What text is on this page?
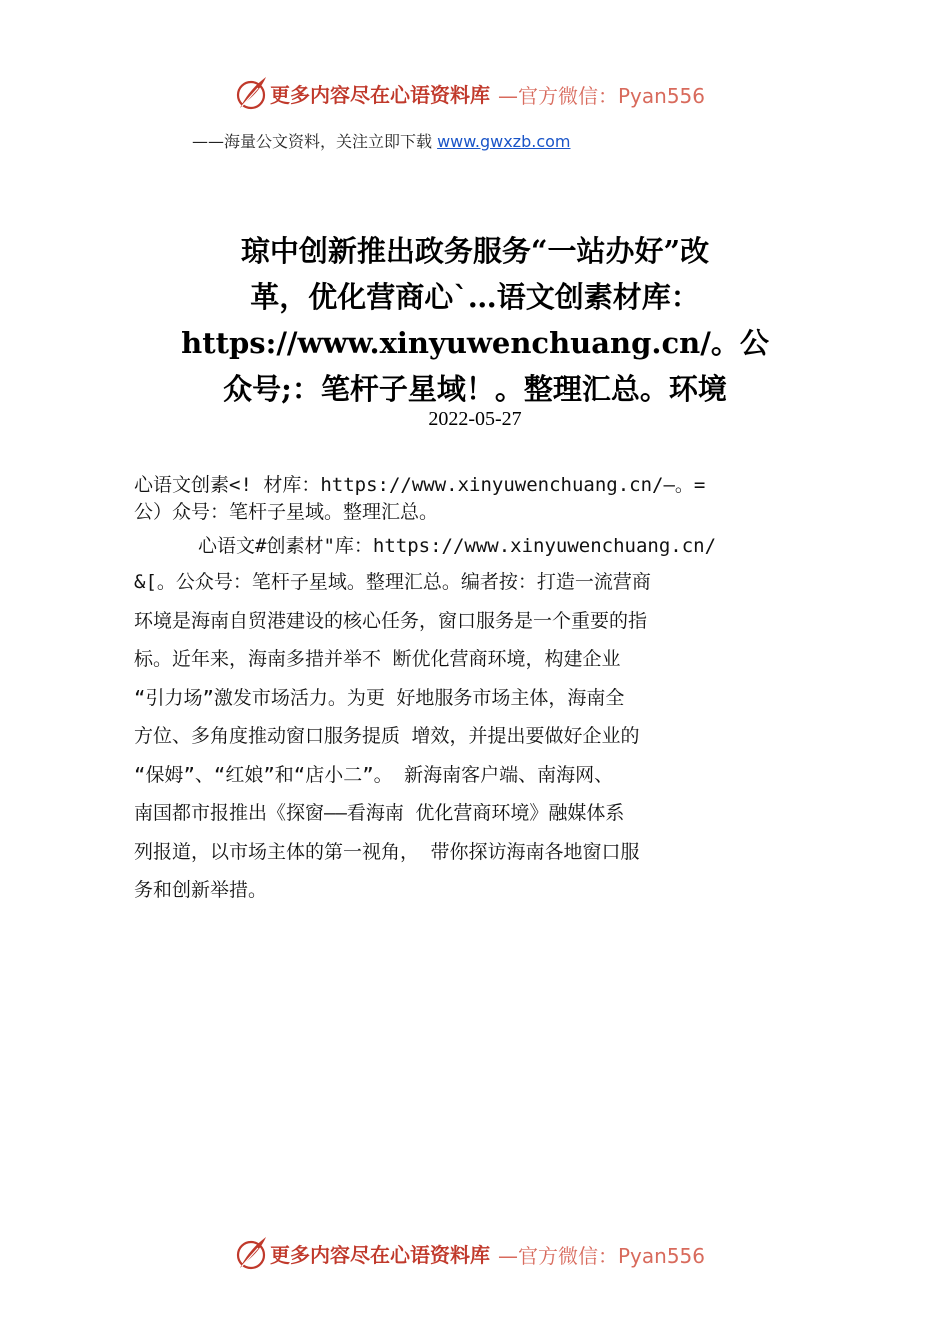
更多内容尽在心语资料库 —官方微信：Pyan556
——海量公文资料，关注立即下载 www.gwxzb.com
琼中创新推出政务服务“一站办好”改
革，优化营商心`…语文创素材库：
https://www.xinyuwenchuang.cn/。公
众号;：笔杆子星域！。整理汇总。环境
2022-05-27
心语文创素<! 材库：https://www.xinyuwenchuang.cn/—。=
公）众号：笔杆子星域。整理汇总。
心语文#创素材"库：https://www.xinyuwenchuang.cn/
&[。公众号：笔杆子星域。整理汇总。编者按：打造一流营商
环境是海南自贸港建设的核心任务，窗口服务是一个重要的指
标。近年来，海南多措并举不 断优化营商环境，构建企业
“引力场”激发市场活力。为更 好地服务市场主体，海南全
方位、多角度推动窗口服务提质 增效，并提出要做好企业的
“保姆”、“红娘”和“店小二”。 新海南客户端、南海网、
南国都市报推出《探窗——看海南 优化营商环境》融媒体系
列报道，以市场主体的第一视角， 带你探访海南各地窗口服
务和创新举措。
更多内容尽在心语资料库 —官方微信：Pyan556
